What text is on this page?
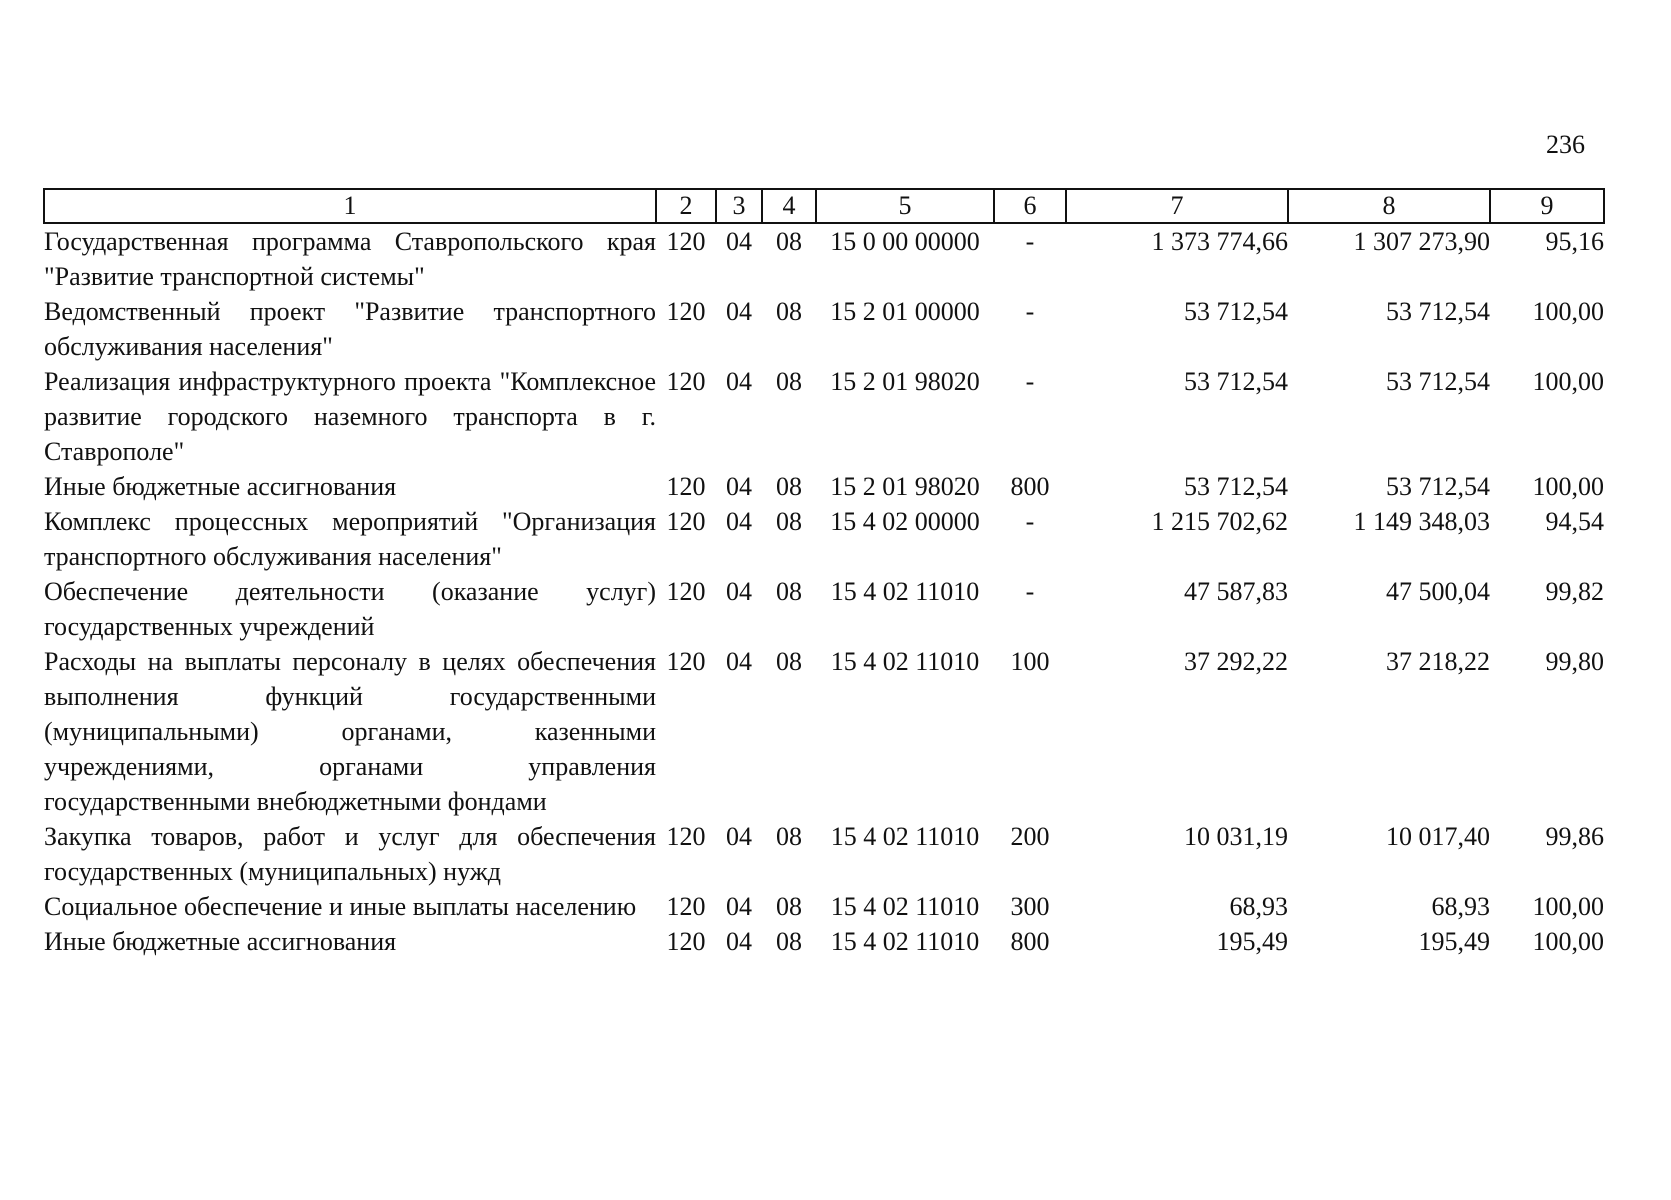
236
1	2	3	4	5	6	7	8	9
Государственная программа Ставропольского края "Развитие транспортной системы"	120	04	08	15 0 00 00000	-	1 373 774,66	1 307 273,90	95,16
Ведомственный проект "Развитие транспортного обслуживания населения"	120	04	08	15 2 01 00000	-	53 712,54	53 712,54	100,00
Реализация инфраструктурного проекта "Комплексное развитие городского наземного транспорта в г. Ставрополе"	120	04	08	15 2 01 98020	-	53 712,54	53 712,54	100,00
Иные бюджетные ассигнования	120	04	08	15 2 01 98020	800	53 712,54	53 712,54	100,00
Комплекс процессных мероприятий "Организация транспортного обслуживания населения"	120	04	08	15 4 02 00000	-	1 215 702,62	1 149 348,03	94,54
Обеспечение деятельности (оказание услуг) государственных учреждений	120	04	08	15 4 02 11010	-	47 587,83	47 500,04	99,82
Расходы на выплаты персоналу в целях обеспечения выполнения функций государственными (муниципальными) органами, казенными учреждениями, органами управления государственными внебюджетными фондами	120	04	08	15 4 02 11010	100	37 292,22	37 218,22	99,80
Закупка товаров, работ и услуг для обеспечения государственных (муниципальных) нужд	120	04	08	15 4 02 11010	200	10 031,19	10 017,40	99,86
Социальное обеспечение и иные выплаты населению	120	04	08	15 4 02 11010	300	68,93	68,93	100,00
Иные бюджетные ассигнования	120	04	08	15 4 02 11010	800	195,49	195,49	100,00
